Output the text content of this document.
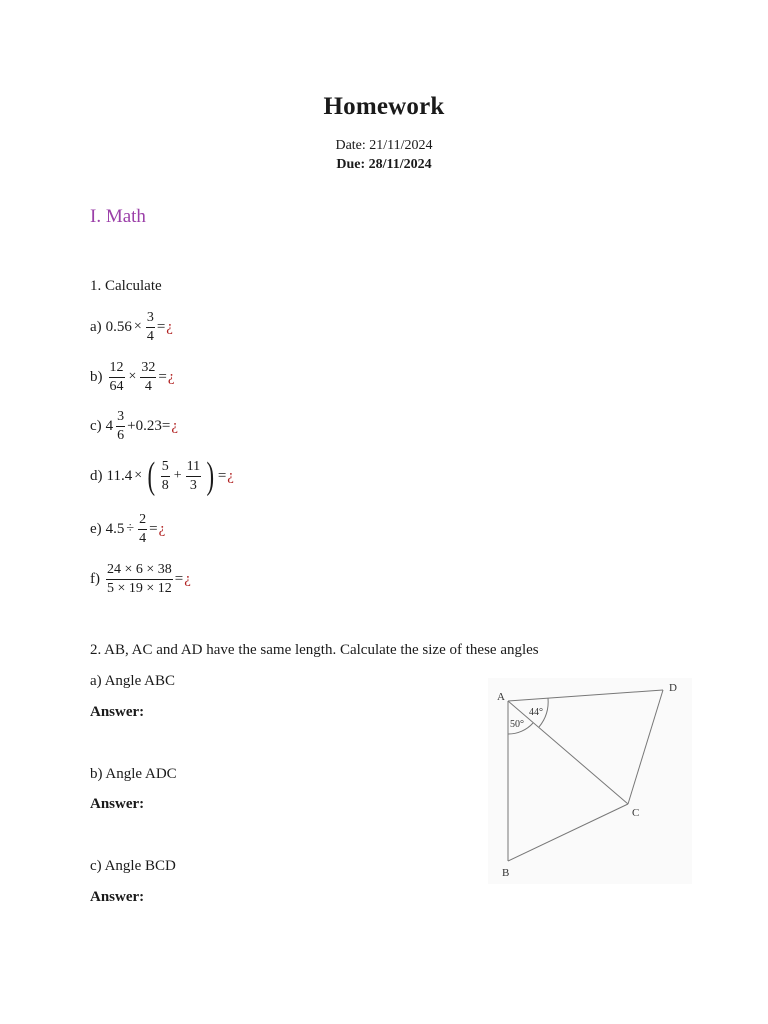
Homework
Date: 21/11/2024
Due: 28/11/2024
I. Math
1. Calculate
a) $0.56 \times \frac{3}{4}$ = ¿
$b) \frac{12}{64} \times \frac{32}{4}$ = ¿
c) $4 \frac{3}{6} +0.23$ = ¿
d) 11.4 × ( $\frac{5}{8} + \frac{11}{3}$ ) = ¿
e) $4.5 \div \frac{2}{4}$ = ¿
$f) \frac{24 \times 6 \times 38}{5 \times 19 \times 12}$ = ¿
2. AB, AC and AD have the same length. Calculate the size of these angles
a) Angle ABC
Answer:
b) Angle ADC
Answer:
c) Angle BCD
Answer:
A
B
C
D
44°
50°
